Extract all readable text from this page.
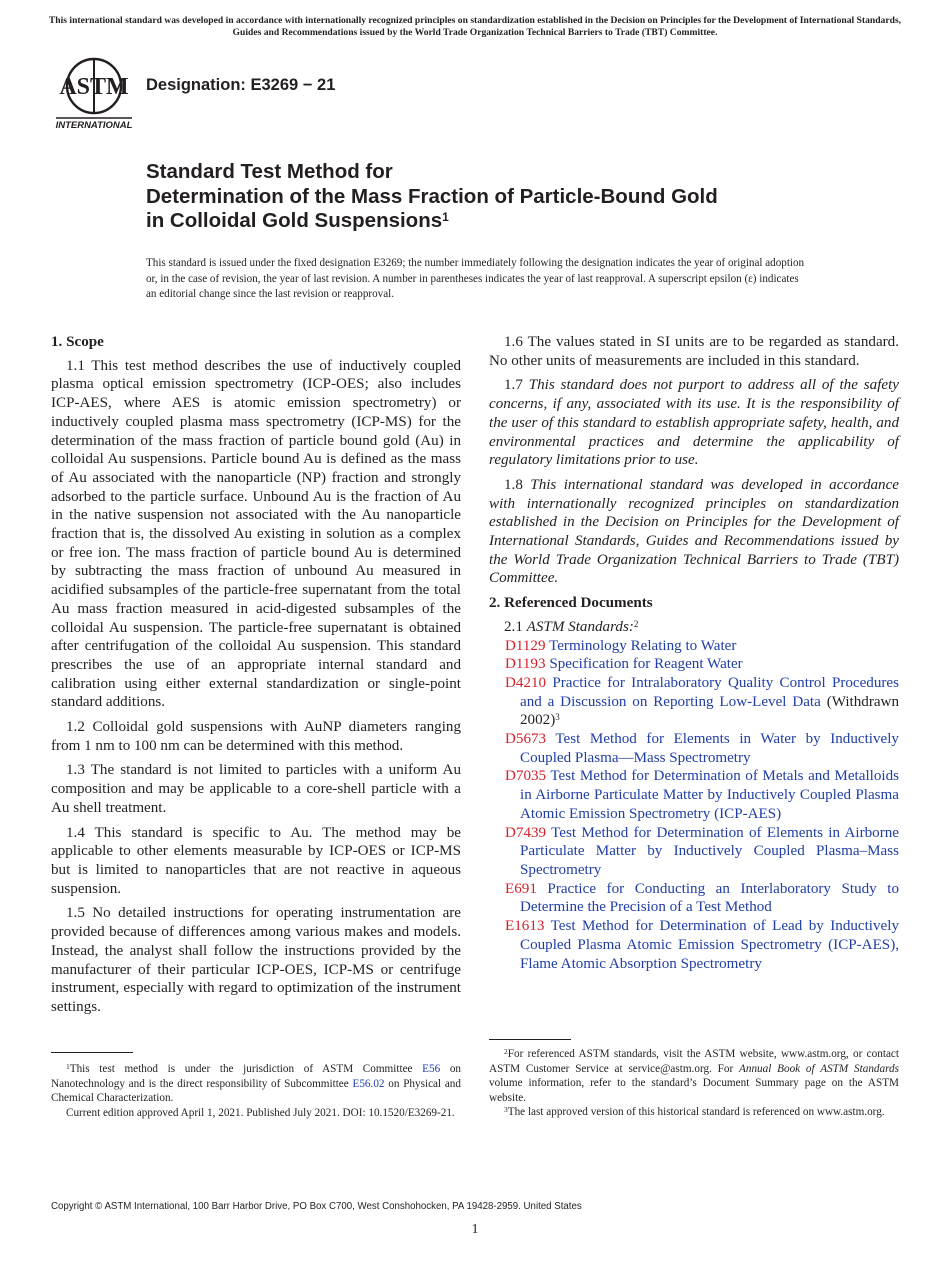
This international standard was developed in accordance with internationally recognized principles on standardization established in the Decision on Principles for the Development of International Standards, Guides and Recommendations issued by the World Trade Organization Technical Barriers to Trade (TBT) Committee.
ASTM
INTERNATIONAL
Designation: E3269 − 21
Standard Test Method for
Determination of the Mass Fraction of Particle-Bound Gold
in Colloidal Gold Suspensions$^1$
This standard is issued under the fixed designation E3269; the number immediately following the designation indicates the year of original adoption or, in the case of revision, the year of last revision. A number in parentheses indicates the year of last reapproval. A superscript epsilon (ε) indicates an editorial change since the last revision or reapproval.
1. Scope

1.1 This test method describes the use of inductively coupled plasma optical emission spectrometry (ICP-OES; also includes ICP-AES, where AES is atomic emission spectrometry) or inductively coupled plasma mass spectrometry (ICP-MS) for the determination of the mass fraction of particle bound gold (Au) in colloidal Au suspensions. Particle bound Au is defined as the mass of Au associated with the nanoparticle (NP) fraction and strongly adsorbed to the particle surface. Unbound Au is the fraction of Au in the native suspension not associated with the Au nanoparticle fraction that is, the dissolved Au existing in solution as a complex or free ion. The mass fraction of particle bound Au is determined by subtracting the mass fraction of unbound Au measured in acidified subsamples of the particle-free supernatant from the total Au mass fraction measured in acid-digested subsamples of the colloidal Au suspension. The particle-free supernatant is obtained after centrifugation of the colloidal Au suspension. This standard prescribes the use of an appropriate internal standard and calibration using either external standardization or single-point standard additions.

1.2 Colloidal gold suspensions with AuNP diameters ranging from 1 nm to 100 nm can be determined with this method.

1.3 The standard is not limited to particles with a uniform Au composition and may be applicable to a core-shell particle with a Au shell treatment.

1.4 This standard is specific to Au. The method may be applicable to other elements measurable by ICP-OES or ICP-MS but is limited to nanoparticles that are not reactive in aqueous suspension.

1.5 No detailed instructions for operating instrumentation are provided because of differences among various makes and models. Instead, the analyst shall follow the instructions provided by the manufacturer of their particular ICP-OES, ICP-MS or centrifuge instrument, especially with regard to optimization of the instrument settings.

1.6 The values stated in SI units are to be regarded as standard. No other units of measurements are included in this standard.

1.7 This standard does not purport to address all of the safety concerns, if any, associated with its use. It is the responsibility of the user of this standard to establish appropriate safety, health, and environmental practices and determine the applicability of regulatory limitations prior to use.

1.8 This international standard was developed in accordance with internationally recognized principles on standardization established in the Decision on Principles for the Development of International Standards, Guides and Recommendations issued by the World Trade Organization Technical Barriers to Trade (TBT) Committee.

2. Referenced Documents

2.1 ASTM Standards:$^2$

D1129 Terminology Relating to Water

D1193 Specification for Reagent Water

D4210 Practice for Intralaboratory Quality Control Procedures and a Discussion on Reporting Low-Level Data (Withdrawn 2002)$^3$

D5673 Test Method for Elements in Water by Inductively Coupled Plasma—Mass Spectrometry

D7035 Test Method for Determination of Metals and Metalloids in Airborne Particulate Matter by Inductively Coupled Plasma Atomic Emission Spectrometry (ICP-AES)

D7439 Test Method for Determination of Elements in Airborne Particulate Matter by Inductively Coupled Plasma–Mass Spectrometry

E691 Practice for Conducting an Interlaboratory Study to Determine the Precision of a Test Method

E1613 Test Method for Determination of Lead by Inductively Coupled Plasma Atomic Emission Spectrometry (ICP-AES), Flame Atomic Absorption Spectrometry

$^1$This test method is under the jurisdiction of ASTM Committee E56 on Nanotechnology and is the direct responsibility of Subcommittee E56.02 on Physical and Chemical Characterization.

Current edition approved April 1, 2021. Published July 2021. DOI: 10.1520/E3269-21.

$^2$For referenced ASTM standards, visit the ASTM website, www.astm.org, or contact ASTM Customer Service at service@astm.org. For Annual Book of ASTM Standards volume information, refer to the standard’s Document Summary page on the ASTM website.

$^3$The last approved version of this historical standard is referenced on www.astm.org.

Copyright © ASTM International, 100 Barr Harbor Drive, PO Box C700, West Conshohocken, PA 19428-2959. United States
1
